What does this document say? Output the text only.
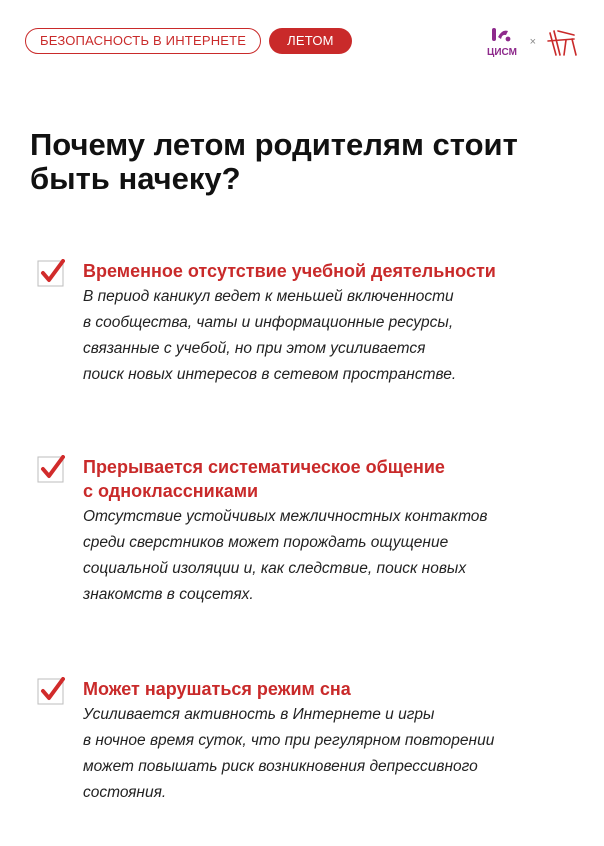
БЕЗОПАСНОСТЬ В ИНТЕРНЕТЕ	ЛЕТОМ
ЦИСМ
×
Почему летом родителям стоит
быть начеку?
Временное отсутствие учебной деятельности
В период каникул ведет к меньшей включенности
в сообщества, чаты и информационные ресурсы,
связанные с учебой, но при этом усиливается
поиск новых интересов в сетевом пространстве.
Прерывается систематическое общение
с одноклассниками
Отсутствие устойчивых межличностных контактов
среди сверстников может порождать ощущение
социальной изоляции и, как следствие, поиск новых
знакомств в соцсетях.
Может нарушаться режим сна
Усиливается активность в Интернете и игры
в ночное время суток, что при регулярном повторении
может повышать риск возникновения депрессивного
состояния.
